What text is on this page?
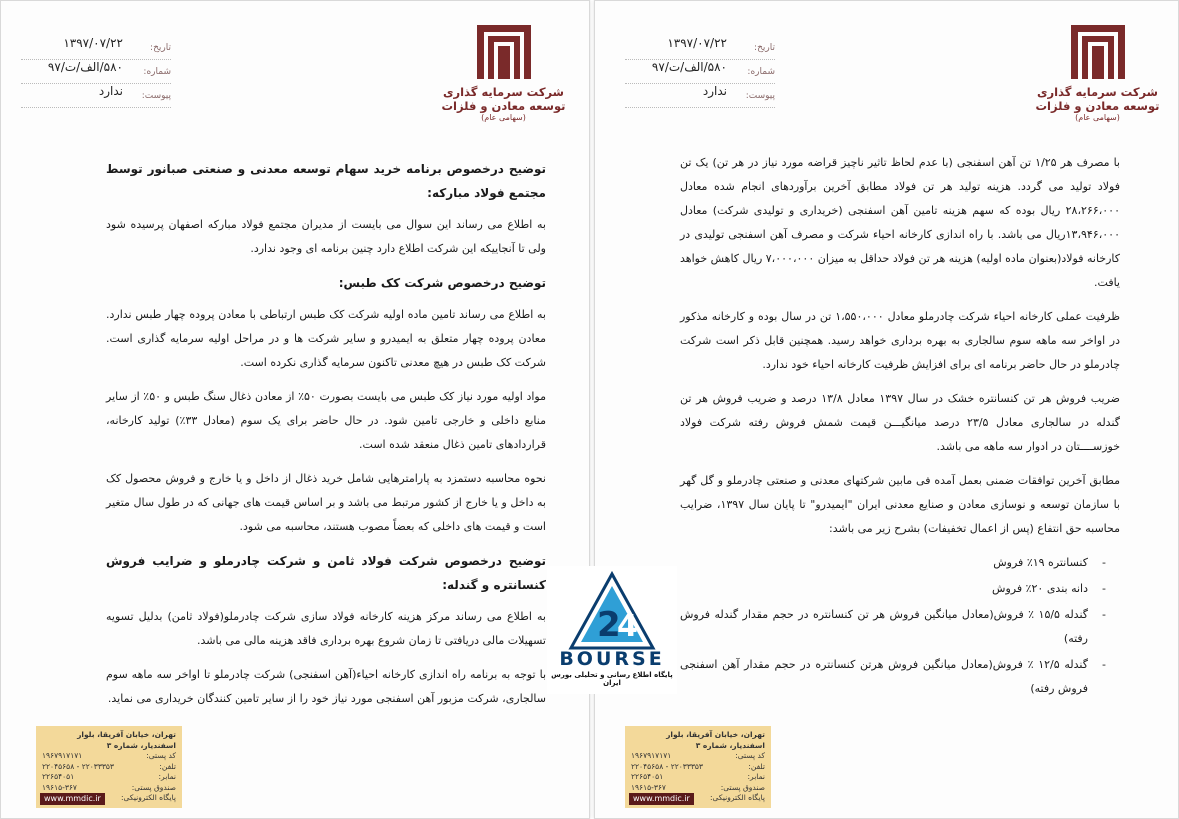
شرکت سرمایه گذاری
توسعه معادن و فلزات
(سهامی عام)
تاریخ:
۱۳۹۷/۰۷/۲۲
شماره:
۵۸۰/الف/ت/۹۷
پیوست:
ندارد
توضیح درخصوص برنامه خرید سهام توسعه معدنی و صنعتی صبانور توسط مجتمع فولاد مبارکه:

به اطلاع می رساند این سوال می بایست از مدیران مجتمع فولاد مبارکه اصفهان پرسیده شود ولی تا آنجاییکه این شرکت اطلاع دارد چنین برنامه ای وجود ندارد.

توضیح درخصوص شرکت کک طبس:

به اطلاع می رساند تامین ماده اولیه شرکت کک طبس ارتباطی با معادن پروده چهار طبس ندارد. معادن پروده چهار متعلق به ایمیدرو و سایر شرکت ها و در مراحل اولیه سرمایه گذاری است. شرکت کک طبس در هیچ معدنی تاکنون سرمایه گذاری نکرده است.

مواد اولیه مورد نیاز کک طبس می بایست بصورت ۵۰٪ از معادن ذغال سنگ طبس و ۵۰٪ از سایر منابع داخلی و خارجی تامین شود. در حال حاضر برای یک سوم (معادل ۳۳٪) تولید کارخانه، قراردادهای تامین ذغال منعقد شده است.

نحوه محاسبه دستمزد به پارامترهایی شامل خرید ذغال از داخل و یا خارج و فروش محصول کک به داخل و یا خارج از کشور مرتبط می باشد و بر اساس قیمت های جهانی که در طول سال متغیر است و قیمت های داخلی که بعضاً مصوب هستند، محاسبه می شود.

توضیح درخصوص شرکت فولاد ثامن و شرکت چادرملو و ضرایب فروش کنسانتره و گندله:

به اطلاع می رساند مرکز هزینه کارخانه فولاد سازی شرکت چادرملو(فولاد ثامن) بدلیل تسویه تسهیلات مالی دریافتی تا زمان شروع بهره برداری فاقد هزینه مالی می باشد.

با توجه به برنامه راه اندازی کارخانه احیاء(آهن اسفنجی) شرکت چادرملو تا اواخر سه ماهه سوم سالجاری، شرکت مزبور آهن اسفنجی مورد نیاز خود را از سایر تامین کنندگان خریداری می نماید.

تهران، خیابان آفریقا، بلوار اسفندیار، شماره ۳
کد پستی:
۱۹۶۷۹۱۷۱۷۱
تلفن:
۲۲۰۳۳۳۵۳ - ۲۲۰۴۵۶۵۸
نمابر:
۲۲۶۵۴۰۵۱
صندوق پستی:
۱۹۶۱۵-۳۶۷
پایگاه الکترونیکی:
www.mmdic.ir
شرکت سرمایه گذاری
توسعه معادن و فلزات
(سهامی عام)
تاریخ:
۱۳۹۷/۰۷/۲۲
شماره:
۵۸۰/الف/ت/۹۷
پیوست:
ندارد

با مصرف هر ۱/۲۵ تن آهن اسفنجی (با عدم لحاظ تاثیر ناچیز قراضه مورد نیاز در هر تن) یک تن فولاد تولید می گردد. هزینه تولید هر تن فولاد مطابق آخرین برآوردهای انجام شده معادل ۲۸،۲۶۶،۰۰۰ ریال بوده که سهم هزینه تامین آهن اسفنجی (خریداری و تولیدی شرکت) معادل ۱۳،۹۴۶،۰۰۰ریال می باشد. با راه اندازی کارخانه احیاء شرکت و مصرف آهن اسفنجی تولیدی در کارخانه فولاد(بعنوان ماده اولیه) هزینه هر تن فولاد حداقل به میزان ۷،۰۰۰،۰۰۰ ریال کاهش خواهد یافت.

ظرفیت عملی کارخانه احیاء شرکت چادرملو معادل ۱،۵۵۰،۰۰۰ تن در سال بوده و کارخانه مذکور در اواخر سه ماهه سوم سالجاری به بهره برداری خواهد رسید. همچنین قابل ذکر است شرکت چادرملو در حال حاضر برنامه ای برای افزایش ظرفیت کارخانه احیاء خود ندارد.

ضریب فروش هر تن کنسانتره خشک در سال ۱۳۹۷ معادل ۱۳/۸ درصد و ضریب فروش هر تن گندله در سالجاری معادل ۲۳/۵ درصد میانگیـــن قیمت شمش فروش رفته شرکت فولاد خوزســــتان در ادوار سه ماهه می باشد.

مطابق آخرین توافقات ضمنی بعمل آمده فی مابین شرکتهای معدنی و صنعتی چادرملو و گل گهر با سازمان توسعه و نوسازی معادن و صنایع معدنی ایران "ایمیدرو" تا پایان سال ۱۳۹۷، ضرایب محاسبه حق انتفاع (پس از اعمال تخفیفات) بشرح زیر می باشد:

-
کنسانتره ۱۹٪ فروش
-
دانه بندی ۲۰٪ فروش
-
گندله ۱۵/۵ ٪ فروش(معادل میانگین فروش هر تن کنسانتره در حجم مقدار گندله فروش رفته)
-
گندله ۱۲/۵ ٪ فروش(معادل میانگین فروش هرتن کنسانتره در حجم مقدار آهن اسفنجی فروش رفته)
تهران، خیابان آفریقا، بلوار اسفندیار، شماره ۳
کد پستی:
۱۹۶۷۹۱۷۱۷۱
تلفن:
۲۲۰۳۳۳۵۳ - ۲۲۰۴۵۶۵۸
نمابر:
۲۲۶۵۴۰۵۱
صندوق پستی:
۱۹۶۱۵-۳۶۷
پایگاه الکترونیکی:
www.mmdic.ir
2
4
BOURSE
پایگاه اطلاع رسانی و تحلیلی بورس ایران
